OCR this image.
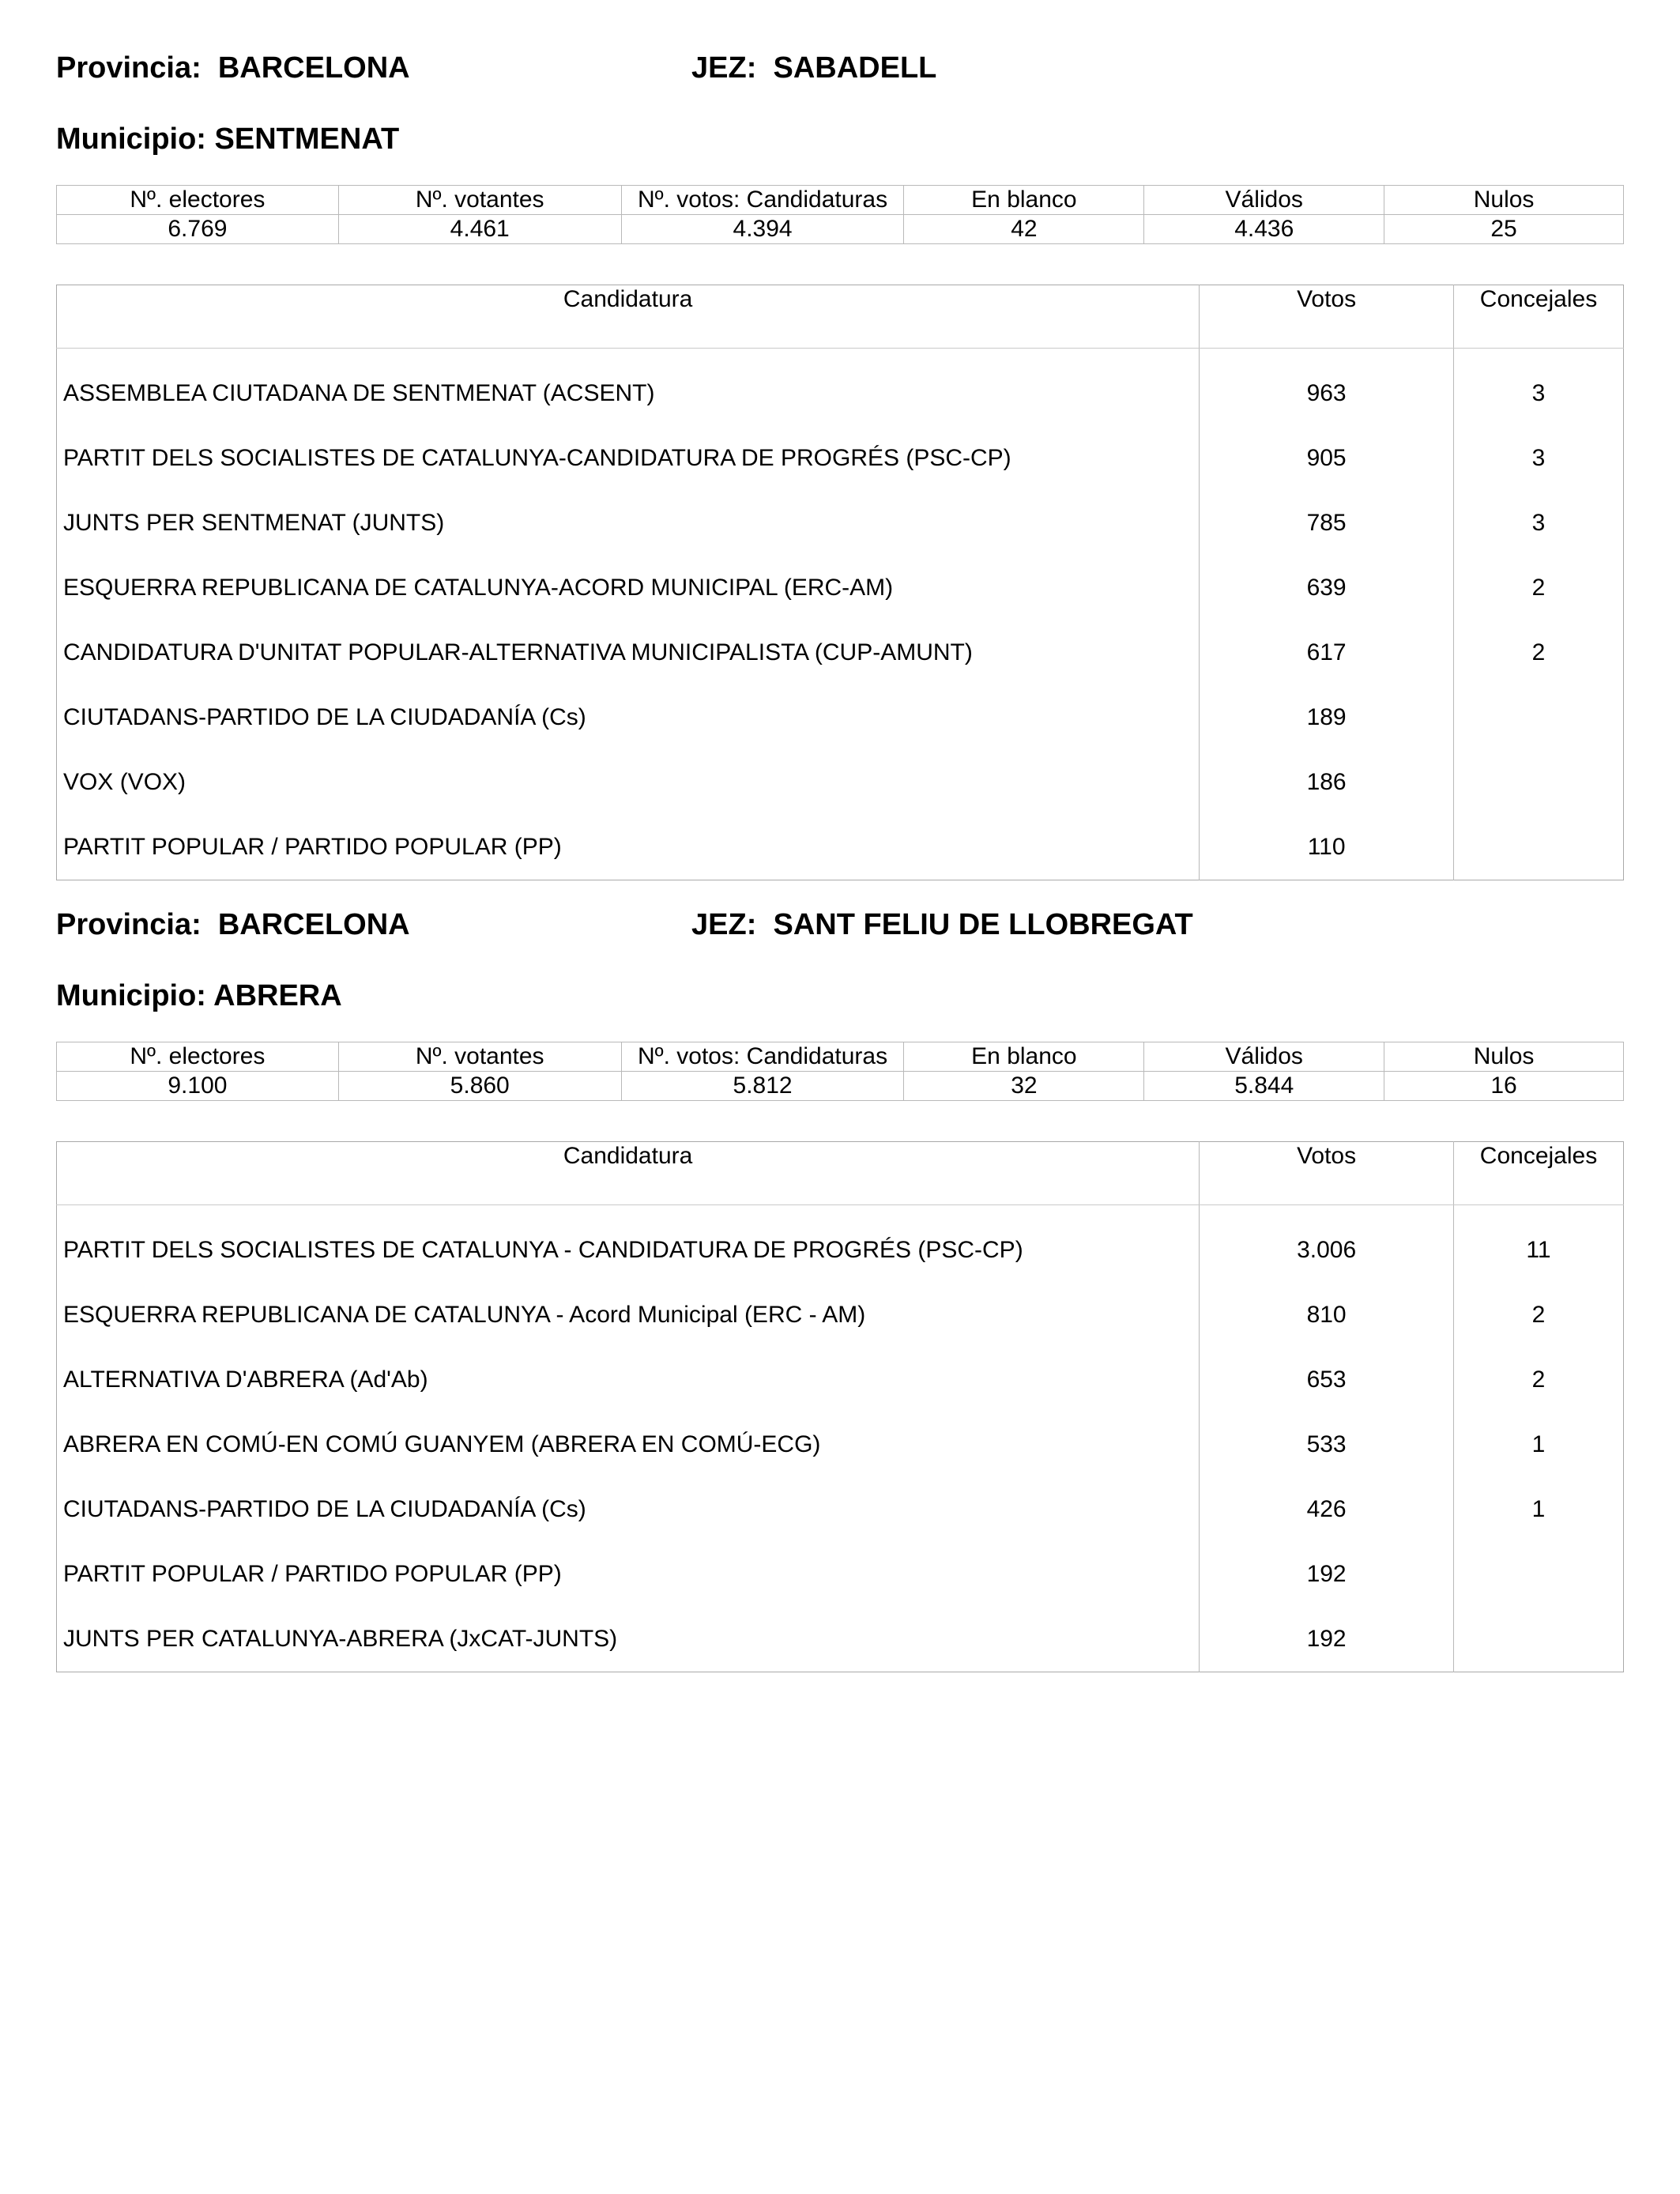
Provincia: BARCELONA	JEZ: SABADELL
Municipio: SENTMENAT
Nº. electores	Nº. votantes	Nº. votos: Candidaturas	En blanco	Válidos	Nulos
6.769	4.461	4.394	42	4.436	25
Candidatura	Votos	Concejales
ASSEMBLEA CIUTADANA DE SENTMENAT (ACSENT)	963	3
PARTIT DELS SOCIALISTES DE CATALUNYA-CANDIDATURA DE PROGRÉS (PSC-CP)	905	3
JUNTS PER SENTMENAT (JUNTS)	785	3
ESQUERRA REPUBLICANA DE CATALUNYA-ACORD MUNICIPAL (ERC-AM)	639	2
CANDIDATURA D'UNITAT POPULAR-ALTERNATIVA MUNICIPALISTA (CUP-AMUNT)	617	2
CIUTADANS-PARTIDO DE LA CIUDADANÍA (Cs)	189	
VOX (VOX)	186	
PARTIT POPULAR / PARTIDO POPULAR (PP)	110	
Provincia: BARCELONA	JEZ: SANT FELIU DE LLOBREGAT
Municipio: ABRERA
Nº. electores	Nº. votantes	Nº. votos: Candidaturas	En blanco	Válidos	Nulos
9.100	5.860	5.812	32	5.844	16
Candidatura	Votos	Concejales
PARTIT DELS SOCIALISTES DE CATALUNYA - CANDIDATURA DE PROGRÉS (PSC-CP)	3.006	11
ESQUERRA REPUBLICANA DE CATALUNYA - Acord Municipal (ERC - AM)	810	2
ALTERNATIVA D'ABRERA (Ad'Ab)	653	2
ABRERA EN COMÚ-EN COMÚ GUANYEM (ABRERA EN COMÚ-ECG)	533	1
CIUTADANS-PARTIDO DE LA CIUDADANÍA (Cs)	426	1
PARTIT POPULAR / PARTIDO POPULAR (PP)	192	
JUNTS PER CATALUNYA-ABRERA (JxCAT-JUNTS)	192	
